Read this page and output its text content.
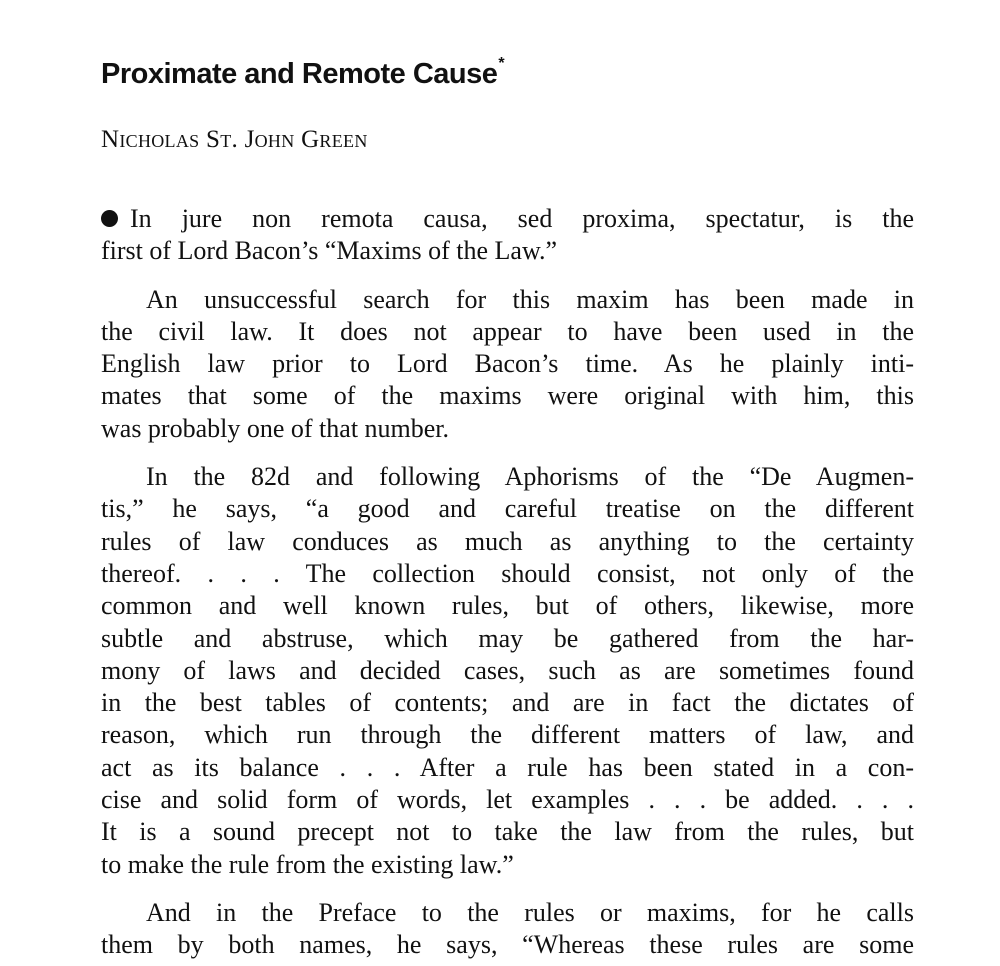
Proximate and Remote Cause*

Nicholas St. John Green

In jure non remota causa, sed proxima, spectatur, is the
first of Lord Bacon’s “Maxims of the Law.”
An unsuccessful search for this maxim has been made in
the civil law. It does not appear to have been used in the
English law prior to Lord Bacon’s time. As he plainly inti-
mates that some of the maxims were original with him, this
was probably one of that number.
In the 82d and following Aphorisms of the “De Augmen-
tis,” he says, “a good and careful treatise on the different
rules of law conduces as much as anything to the certainty
thereof. . . . The collection should consist, not only of the
common and well known rules, but of others, likewise, more
subtle and abstruse, which may be gathered from the har-
mony of laws and decided cases, such as are sometimes found
in the best tables of contents; and are in fact the dictates of
reason, which run through the different matters of law, and
act as its balance . . . After a rule has been stated in a con-
cise and solid form of words, let examples . . . be added. . . .
It is a sound precept not to take the law from the rules, but
to make the rule from the existing law.”
And in the Preface to the rules or maxims, for he calls
them by both names, he says, “Whereas these rules are some
